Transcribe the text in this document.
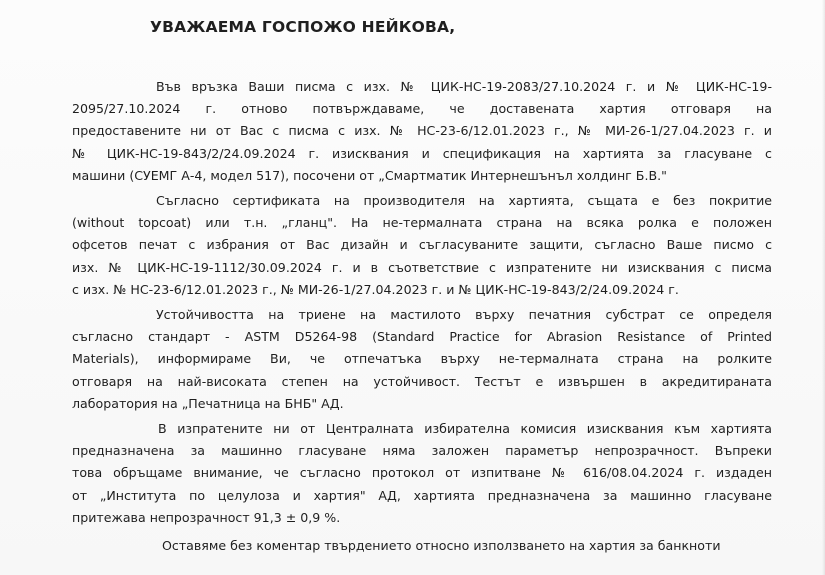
УВАЖАЕМА ГОСПОЖО НЕЙКОВА,
Във връзка Ваши писма с изх. № ЦИК-НС-19-2083/27.10.2024 г. и № ЦИК-НС-19-
2095/27.10.2024 г. отново потвърждаваме, че доставената хартия отговаря на
предоставените ни от Вас с писма с изх. № НС-23-6/12.01.2023 г., № МИ-26-1/27.04.2023 г. и
№ ЦИК-НС-19-843/2/24.09.2024 г. изисквания и спецификация на хартията за гласуване с
машини (СУЕМГ А-4, модел 517), посочени от „Смартматик Интернешънъл холдинг Б.В."
Съгласно сертификата на производителя на хартията, същата е без покритие
(without topcoat) или т.н. „гланц". На не-термалната страна на всяка ролка е положен
офсетов печат с избрания от Вас дизайн и съгласуваните защити, съгласно Ваше писмо с
изх. № ЦИК-НС-19-1112/30.09.2024 г. и в съответствие с изпратените ни изисквания с писма
с изх. № НС-23-6/12.01.2023 г., № МИ-26-1/27.04.2023 г. и № ЦИК-НС-19-843/2/24.09.2024 г.
Устойчивостта на триене на мастилото върху печатния субстрат се определя
съгласно стандарт - ASTM D5264-98 (Standard Practice for Abrasion Resistance of Printed
Materials), информираме Ви, че отпечатъка върху не-термалната страна на ролките
отговаря на най-високата степен на устойчивост. Тестът е извършен в акредитираната
лаборатория на „Печатница на БНБ" АД.
В изпратените ни от Централната избирателна комисия изисквания към хартията
предназначена за машинно гласуване няма заложен параметър непрозрачност. Въпреки
това обръщаме внимание, че съгласно протокол от изпитване № 616/08.04.2024 г. издаден
от „Института по целулоза и хартия" АД, хартията предназначена за машинно гласуване
притежава непрозрачност 91,3 ± 0,9 %.
Оставяме без коментар твърдението относно използването на хартия за банкноти
